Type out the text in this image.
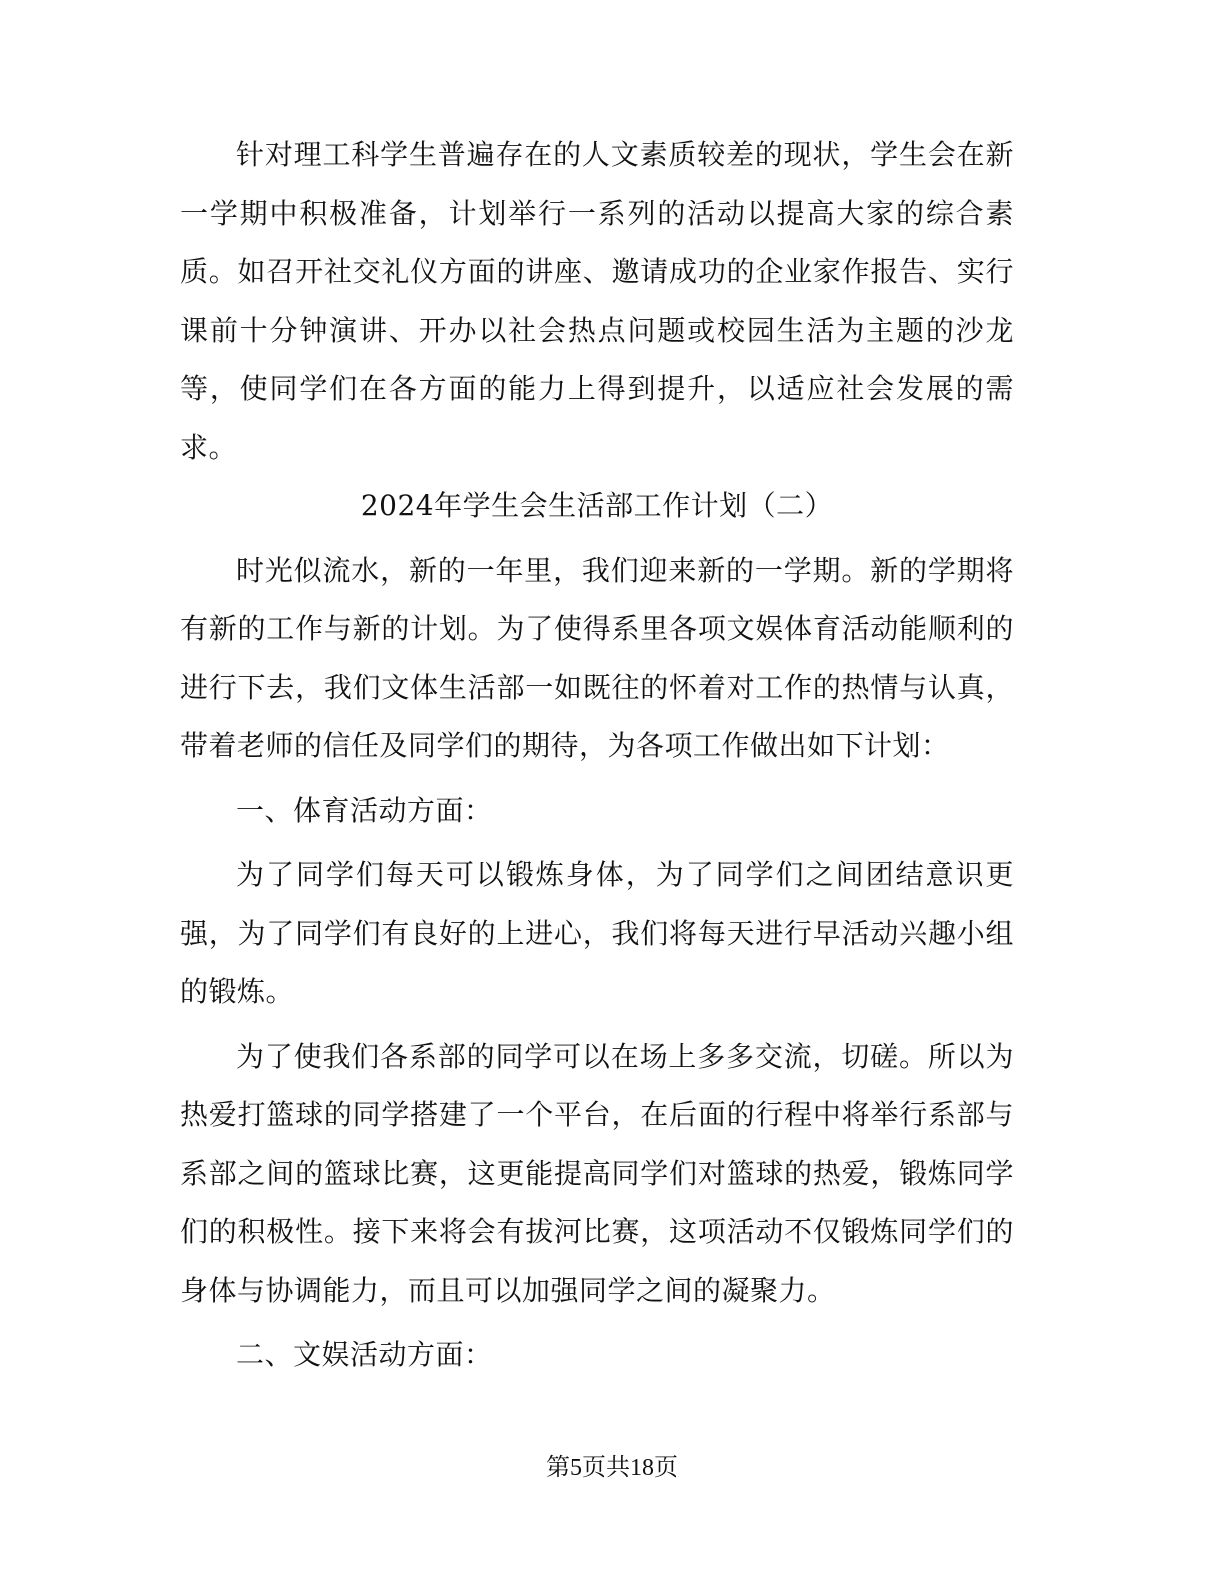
针对理工科学生普遍存在的人文素质较差的现状，学生会在新一学期中积极准备，计划举行一系列的活动以提高大家的综合素质。如召开社交礼仪方面的讲座、邀请成功的企业家作报告、实行课前十分钟演讲、开办以社会热点问题或校园生活为主题的沙龙等，使同学们在各方面的能力上得到提升，以适应社会发展的需求。

2024年学生会生活部工作计划（二）

时光似流水，新的一年里，我们迎来新的一学期。新的学期将有新的工作与新的计划。为了使得系里各项文娱体育活动能顺利的进行下去，我们文体生活部一如既往的怀着对工作的热情与认真，带着老师的信任及同学们的期待，为各项工作做出如下计划：

一、体育活动方面：

为了同学们每天可以锻炼身体，为了同学们之间团结意识更强，为了同学们有良好的上进心，我们将每天进行早活动兴趣小组的锻炼。

为了使我们各系部的同学可以在场上多多交流，切磋。所以为热爱打篮球的同学搭建了一个平台，在后面的行程中将举行系部与系部之间的篮球比赛，这更能提高同学们对篮球的热爱，锻炼同学们的积极性。接下来将会有拔河比赛，这项活动不仅锻炼同学们的身体与协调能力，而且可以加强同学之间的凝聚力。

二、文娱活动方面：

第5页共18页
